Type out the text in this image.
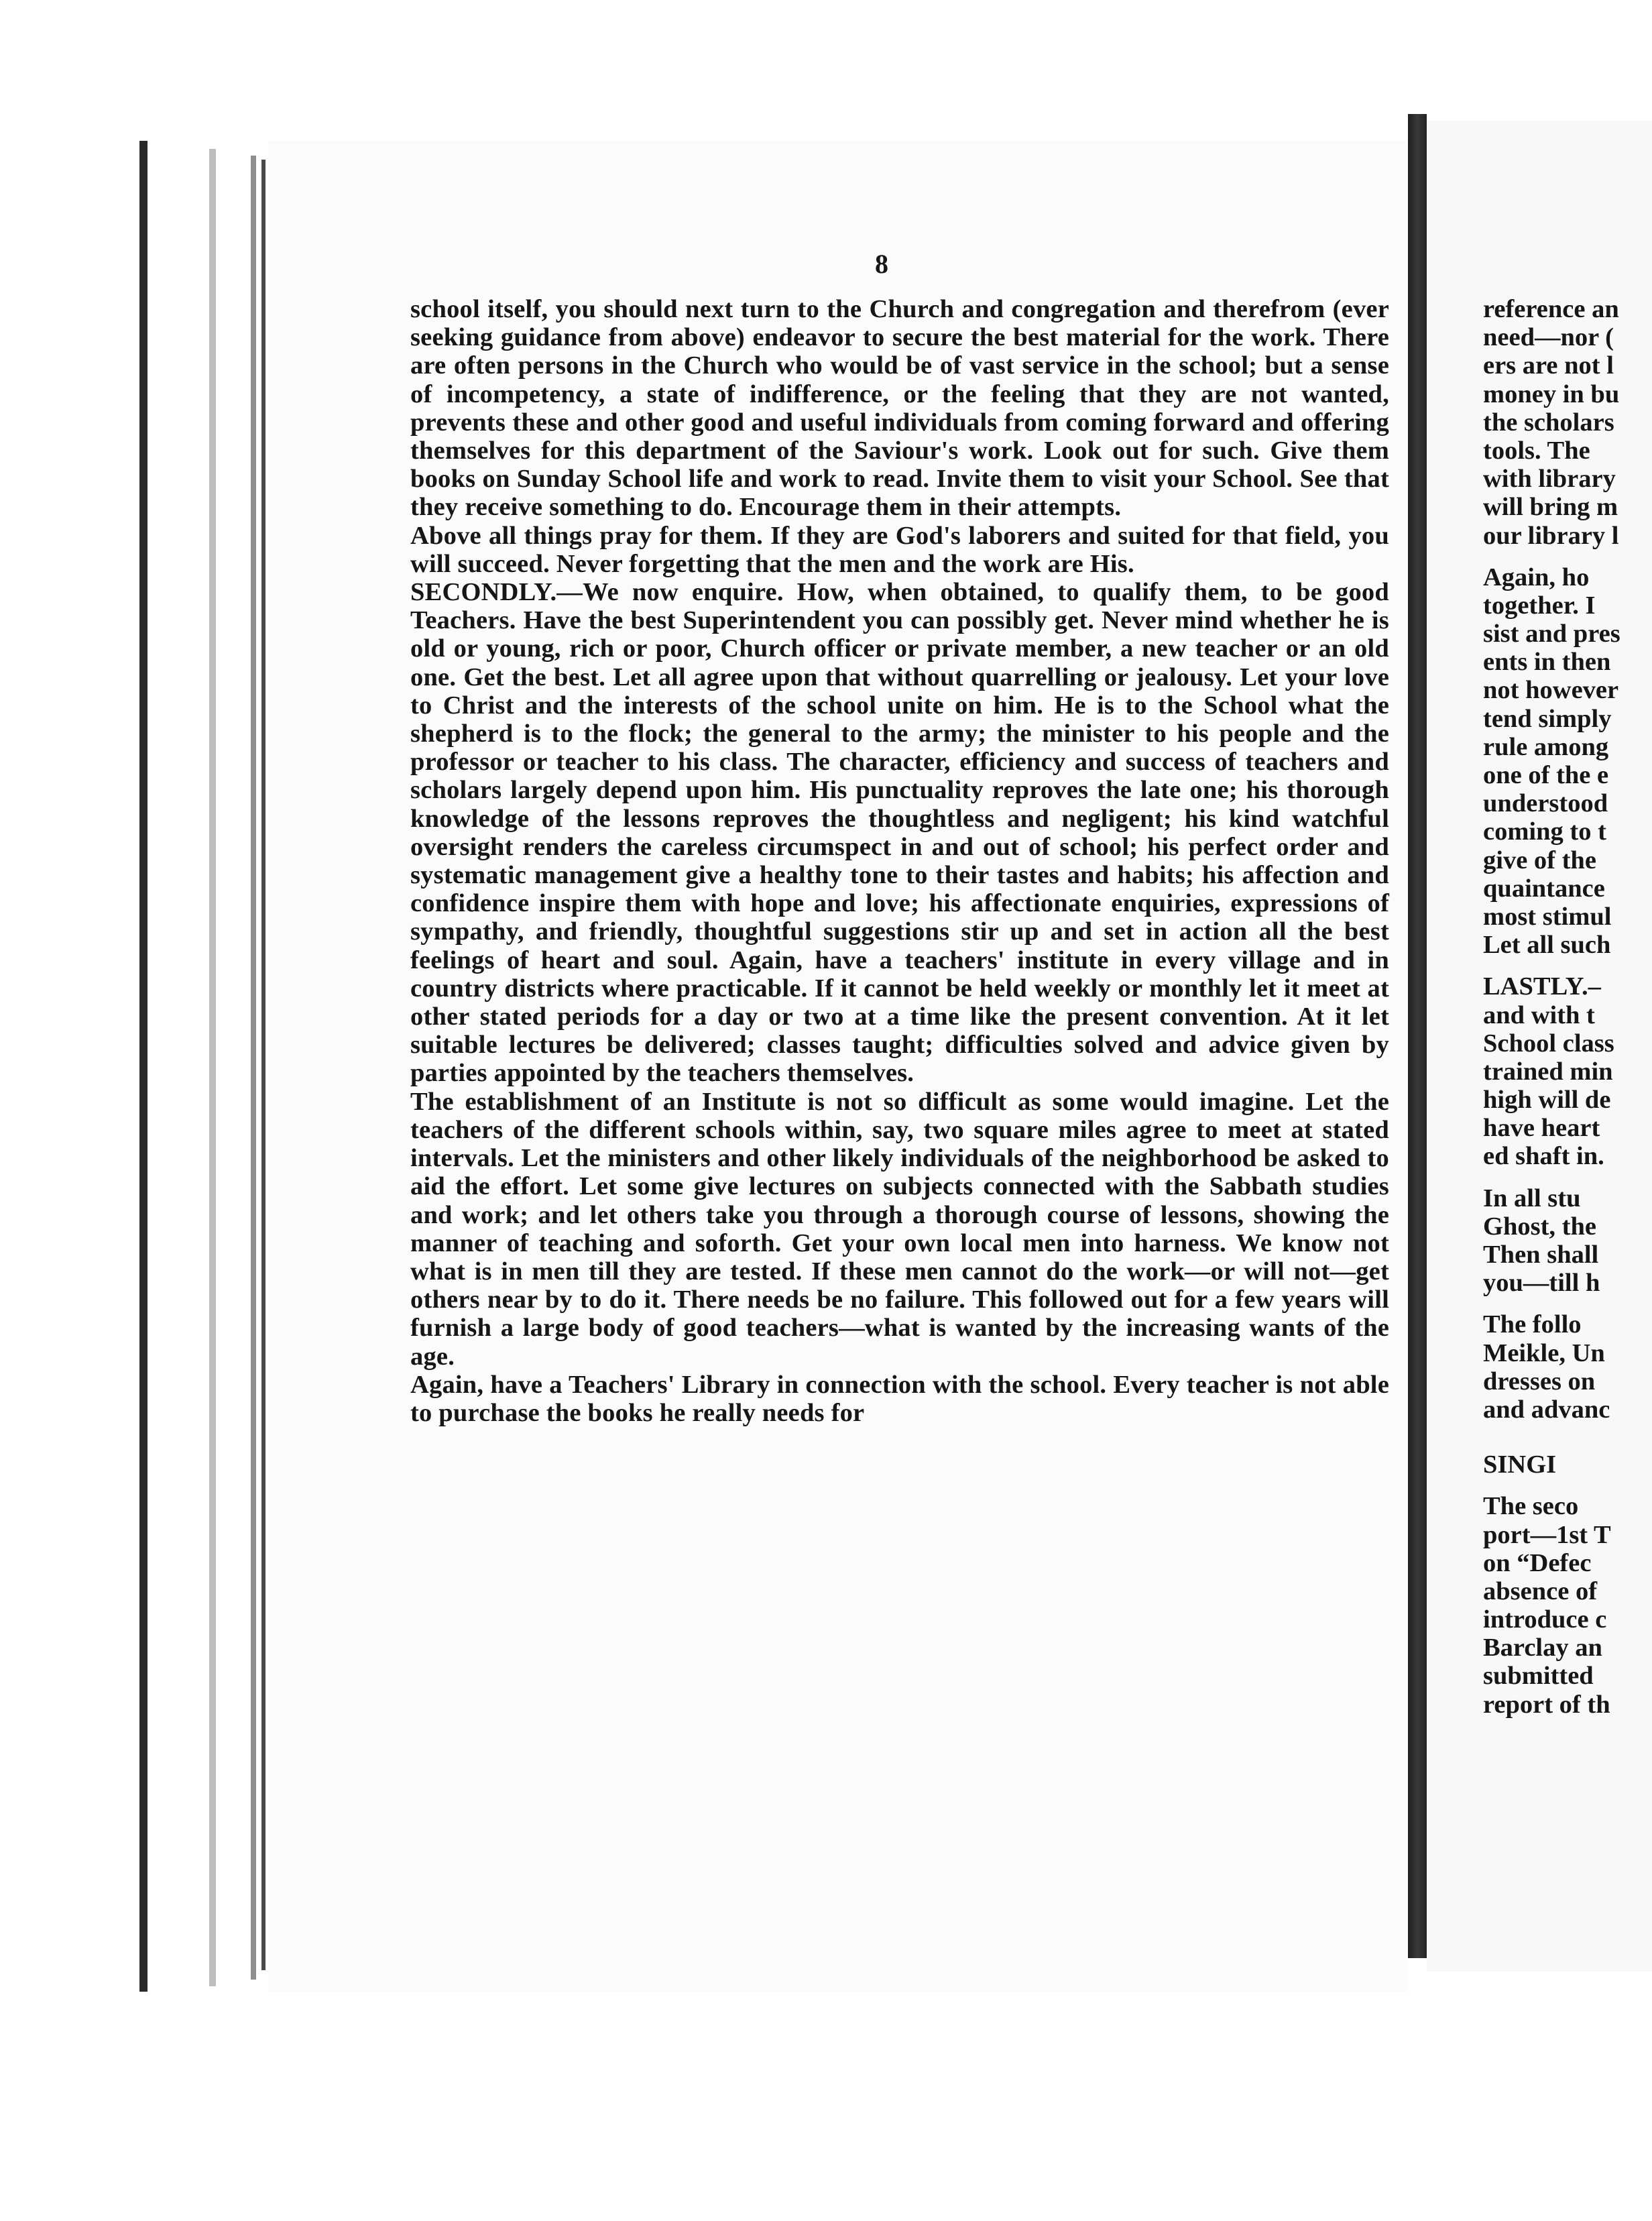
8
school itself, you should next turn to the Church and congregation and therefrom (ever seeking guidance from above) endeavor to secure the best material for the work. There are often persons in the Church who would be of vast service in the school; but a sense of incompetency, a state of indifference, or the feeling that they are not wanted, prevents these and other good and useful individuals from coming forward and offering themselves for this department of the Saviour's work. Look out for such. Give them books on Sunday School life and work to read. Invite them to visit your School. See that they receive something to do. Encourage them in their attempts.
Above all things pray for them. If they are God's laborers and suited for that field, you will succeed. Never forgetting that the men and the work are His.
SECONDLY.—We now enquire. How, when obtained, to qualify them, to be good Teachers. Have the best Superintendent you can possibly get. Never mind whether he is old or young, rich or poor, Church officer or private member, a new teacher or an old one. Get the best. Let all agree upon that without quarrelling or jealousy. Let your love to Christ and the interests of the school unite on him. He is to the School what the shepherd is to the flock; the general to the army; the minister to his people and the professor or teacher to his class. The character, efficiency and success of teachers and scholars largely depend upon him. His punctuality reproves the late one; his thorough knowledge of the lessons reproves the thoughtless and negligent; his kind watchful oversight renders the careless circumspect in and out of school; his perfect order and systematic management give a healthy tone to their tastes and habits; his affection and confidence inspire them with hope and love; his affectionate enquiries, expressions of sympathy, and friendly, thoughtful suggestions stir up and set in action all the best feelings of heart and soul. Again, have a teachers' institute in every village and in country districts where practicable. If it cannot be held weekly or monthly let it meet at other stated periods for a day or two at a time like the present convention. At it let suitable lectures be delivered; classes taught; difficulties solved and advice given by parties appointed by the teachers themselves.
The establishment of an Institute is not so difficult as some would imagine. Let the teachers of the different schools within, say, two square miles agree to meet at stated intervals. Let the ministers and other likely individuals of the neighborhood be asked to aid the effort. Let some give lectures on subjects connected with the Sabbath studies and work; and let others take you through a thorough course of lessons, showing the manner of teaching and soforth. Get your own local men into harness. We know not what is in men till they are tested. If these men cannot do the work—or will not—get others near by to do it. There needs be no failure. This followed out for a few years will furnish a large body of good teachers—what is wanted by the increasing wants of the age.
Again, have a Teachers' Library in connection with the school. Every teacher is not able to purchase the books he really needs for
reference an
need—nor (
ers are not l
money in bu
the scholars
tools. The
with library
will bring m
our library l
Again, ho
together. I
sist and pres
ents in then
not however
tend simply
rule among
one of the e
understood
coming to t
give of the
quaintance
most stimul
Let all such
LASTLY.–
and with t
School class
trained min
high will de
have heart
ed shaft in.
In all stu
Ghost, the
Then shall
you—till h
The follo
Meikle, Un
dresses on
and advanc
SINGI
The seco
port—1st T
on “Defec
absence of
introduce c
Barclay an
submitted
report of th
